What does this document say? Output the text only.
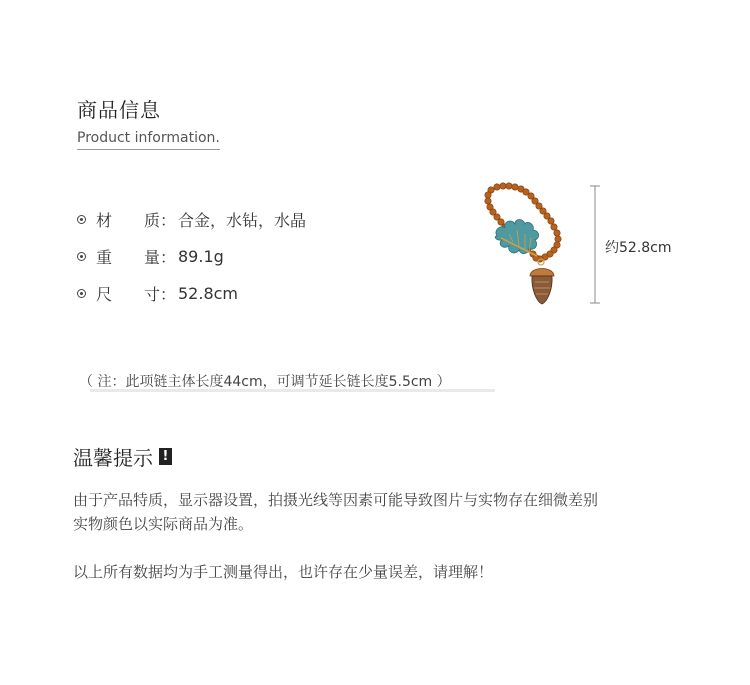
商品信息
Product information.
材　　质： 合金，水钻，水晶
重　　量： 89.1g
尺　　寸： 52.8cm
约52.8cm
（ 注：此项链主体长度44cm，可调节延长链长度5.5cm ）
温馨提示 !
由于产品特质，显示器设置，拍摄光线等因素可能导致图片与实物存在细微差别
实物颜色以实际商品为准。
以上所有数据均为手工测量得出，也许存在少量误差，请理解！
